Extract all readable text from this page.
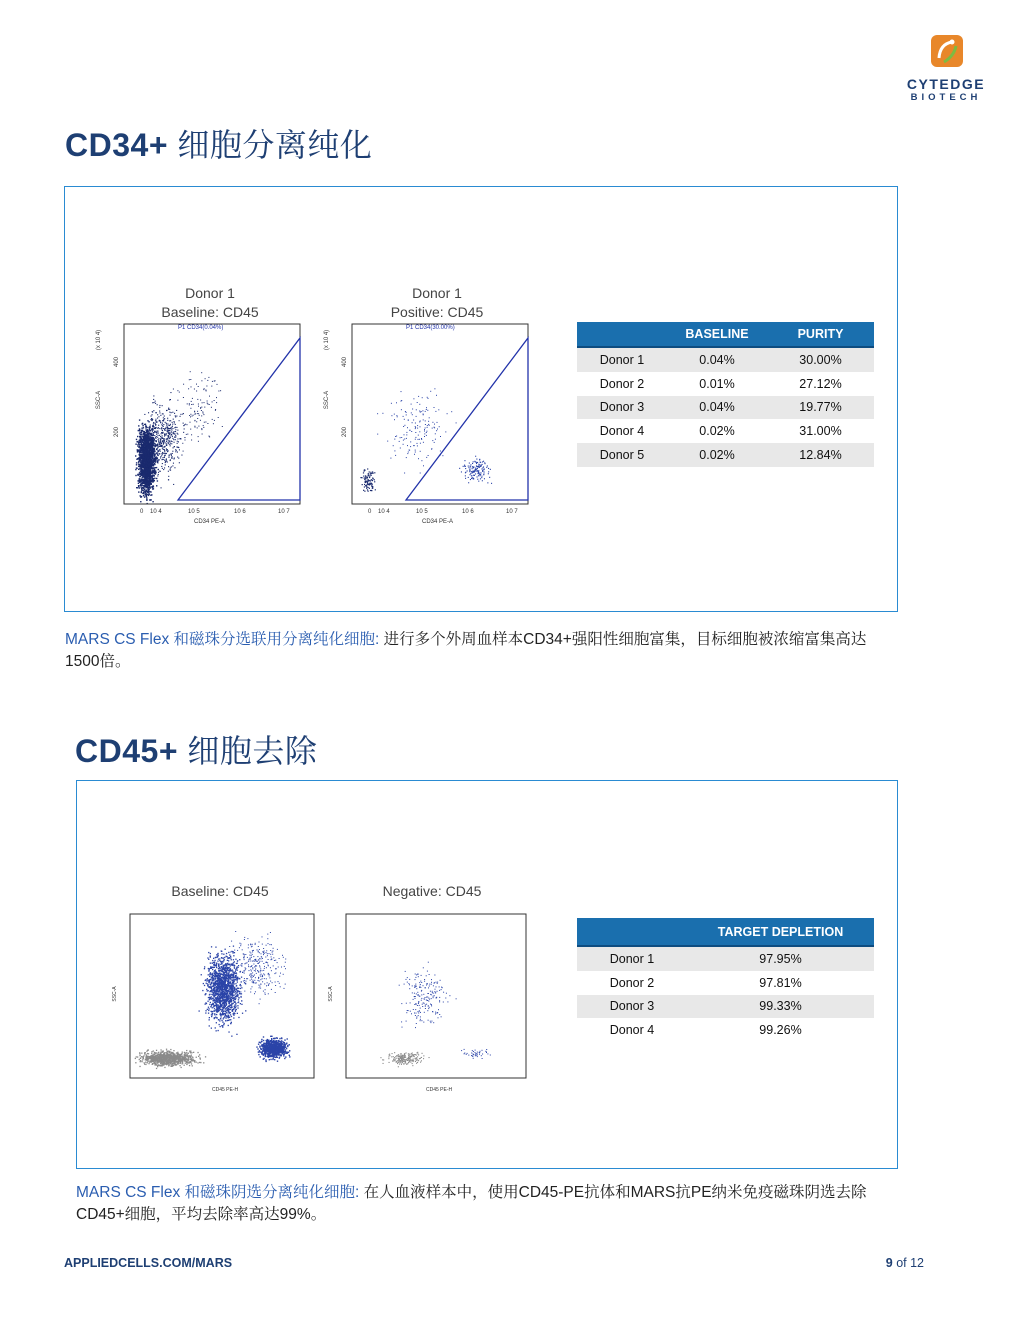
CYTEDGE
BIOTECH
CD34+ 细胞分离纯化
Donor 1
Baseline: CD45
Donor 1
Positive: CD45
P1 CD34(0.04%)
400
200
SSC-A
(x 10 4)
0 10 4	10 5	10 6	10 7
CD34 PE-A
P1 CD34(30.00%)
400
200
SSC-A
(x 10 4)
0 10 4	10 5	10 6	10 7
CD34 PE-A
	BASELINE	PURITY
Donor 1	0.04%	30.00%
Donor 2	0.01%	27.12%
Donor 3	0.04%	19.77%
Donor 4	0.02%	31.00%
Donor 5	0.02%	12.84%
MARS CS Flex 和磁珠分选联用分离纯化细胞: 进行多个外周血样本CD34+强阳性细胞富集，目标细胞被浓缩富集高达1500倍。
CD45+ 细胞去除
Baseline: CD45	Negative: CD45
SSC-A
CD45 PE-H
SSC-A
CD45 PE-H
	TARGET DEPLETION
Donor 1	97.95%
Donor 2	97.81%
Donor 3	99.33%
Donor 4	99.26%
MARS CS Flex 和磁珠阴选分离纯化细胞: 在人血液样本中，使用CD45-PE抗体和MARS抗PE纳米免疫磁珠阴选去除CD45+细胞，平均去除率高达99%。
APPLIEDCELLS.COM/MARS	9 of 12
